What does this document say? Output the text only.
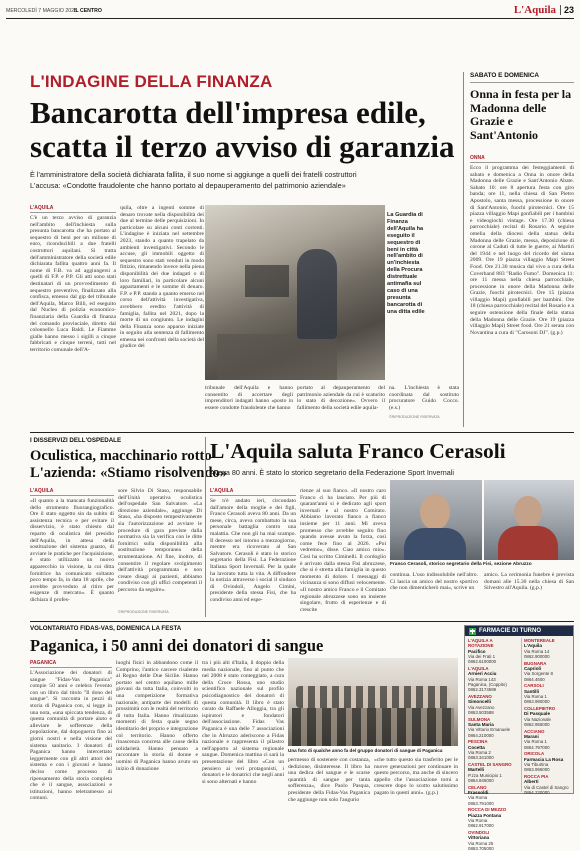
MERCOLEDÌ 7 MAGGIO 2025
IL CENTRO	L'Aquila 23
L'INDAGINE DELLA FINANZA
Bancarotta dell'impresa edile,
scatta il terzo avviso di garanzia
È l'amministratore della società dichiarata fallita, il suo nome si aggiunge a quelli dei fratelli costruttori
L'accusa: «Condotte fraudolente che hanno portato al depauperamento del patrimonio aziendale»
L'AQUILA
C'è un terzo avviso di garanzia nell'ambito dell'inchiesta sulla presunta bancarotta che ha portato al sequestro di beni per un milione di euro, riconducibili a due fratelli costruttori aquilani. Si tratta dell'amministratore della società edile dichiarata fallita quattro anni fa. Il nome di F.B. va ad aggiungersi a quelli di F.P. e P.P. Gli atti sono stati destinatari di un provvedimento di sequestro preventivo, finalizzato alla confisca, emesso dal gip del tribunale dell'Aquila, Marco Billi, ed eseguito dal Nucleo di polizia economico-finanziaria della Guardia di finanza del comando provinciale, diretto dal colonnello Luca Baldi. Le Fiamme gialle hanno messo i sigilli a cinque fabbricati e cinque terreni, tutti nel territorio comunale dell'A-
quila, oltre a ingenti somme di denaro trovate nella disponibilità dei due al termine delle perquisizioni. In particolare su alcuni conti correnti. L'indagine è iniziata nel settembre 2023, stando a quanto trapelato da ambienti investigativi. Secondo le accuse, gli immobili oggetto di sequestro sono stati venduti in modo fittizio, rimanendo invece nella piena disponibilità dei due indagati o di loro familiari, in particolare alcuni appartamenti e le somme di denaro. F.P. e P.P. stando a quanto emerso nel corso dell'attività investigativa, avrebbero eredito l'attività di famiglia, fallita nel 2021, dopo la morte di un congiunto. Le indagini della Finanza sono apparso iniziate in seguito alla sentenza di fallimento emessa nei confronti della società del giudice del
La Guardia di Finanza dell'Aquila ha eseguito il sequestro di beni in città nell'ambito di un'inchiesta della Procura distrettuale antimafia sul caso di una presunta bancarotta di una ditta edile
tribunale dell'Aquila e hanno consentito di accertare degli imprenditori indagati hanno «posto in essere condotte fraudolente che hanno
portato al depauperamento del patrimonio aziendale da cui è scaturito lo stato di decozione». Ovvero il fallimento della società edile aquila-
na. L'inchiesta è stata coordinata dal sostituto procuratore Guido Cocco. (e.s.)
©RIPRODUZIONE RISERVATA
SABATO E DOMENICA
Onna in festa per la Madonna delle Grazie e Sant'Antonio
ONNA
Ecco il programma dei festeggiamenti di sabato e domenica a Onna in onore della Madonna delle Grazie e Sant'Antonio Abate. Sabato 10: ore 8 apertura festa con giro banda; ore 11, nella chiesa di San Pietro Apostolo, santa messa, processione in onore di Sant'Antonio, fuochi pirotecnici. Ore 15 piazza villaggio Mapi gonfiabili per i bambini e videogiochi vintage. Ore 17.30 (chiesa parrocchiale) recital di Rosario. A seguire omelia della diocesi della statua della Madonna delle Grazie, messa, deposizione di corone al Caduti di tutte le guerre, ai Martiri del 1944 e nel luogo del ricordo del sisma 2009. Ore 19 piazza villaggio Mapi Street Food. Ore 21.30 musica dal vivo a cura della Coverband 883 "Radio Fumo". Domenica 11: ore 11 messa nella chiesa parrocchiale, processione in onore della Madonna delle Grazie, fuochi pirotecnici. Ore 15 (piazza villaggio Mapi) gonfiabili per bambini. Ore 18 (chiesa parrocchiale) recital del Rosario e a seguire ostensione della finale della statua della Madonna delle Grazie. Ore 19 (piazza villaggio Mapi) Street food. Ore 21 serata con Novantina a cura di "Carosoni DJ". (g.p.)
I DISSERVIZI DELL'OSPEDALE
Oculistica, macchinario rotto
L'azienda: «Stiamo risolvendo»
L'AQUILA
«Il quanto a la mancata funzionalità dello strumento fluorangiografico. Ore il stato oggetto sin da subito di assistenza tecnica e per evitare il disservizio, è stato chiesto dal reparto di oculistica del presidio dell'Aquila, in attesa della sostituzione del sistema guasto, di avviare le pratiche per l'acquisizione, è stato utilizzato un nuovo apparecchio in visione, la cui ditta fornitrice ha comunicato soltanto poco tempo fa, in data 18 aprile, che avrebbe provveduto al ritiro per esigenze di mercato». È quanto dichiara il profes-
sore Silvio Di Staso, responsabile dell'Unità operativa oculistica dell'ospedale San Salvatore. «La direzione aziendale», aggiunge Di Staso, «ha disposto tempestivamente sia l'autorizzazione ad avviare le procedure di gara previste dalla normativa sia la verifica con le ditte fornitrici sulla disponibilità alla sostituzione temporanea della strumentazione. Al fine, inoltre, di consentire il regolare svolgimento dell'attività programmata e non creare disagi ai pazienti, abbiamo condiviso con gli uffici competenti il percorso da seguire».
©RIPRODUZIONE RISERVATA
L'Aquila saluta Franco Cerasoli
Aveva 80 anni. È stato lo storico segretario della Federazione Sport Invernali
L'AQUILA
Se n'è andato ieri, circondato dall'amore della moglie e dei figli, Franco Cerasoli aveva 80 anni. Da un mese, circa, aveva combattuto la sua personale battaglia contro una malattia. Che non gli ha mai scampo. Il decesso nel intorno a mezzogiorno, mentre era ricoverato al San Salvatore. Cerasoli è stato lo storico segretario della Fisi. La Federazione Italiana Sport Invernali. Per la quale ha lavorato tutta la vita. A diffondere la notizia attraverso i social il sindaco di Ovindoli, Angelo Cimini, presidente della stessa Fisi, che ha condiviso anni ed espe-
rienze al suo fianco. «Il nostro caro Franco ci ha lasciato. Per più di quarant'anni si è dedicato agli sport invernali e al nostro Comitato. Abbiamo lavorato fianco a fianco insieme per 11 anni. Mi aveva promesso che avrebbe seguito fino quando avesse avuto la forza, così come fece fino al 2026. «Poi vedremo», disse. Ciao amico mio». Così ha scritto Ciminelli. Il cordoglio è arrivato dalla stessa Fisi abruzzese, che si è stretta alla famiglia in questo momento di dolore. I messaggi di vicinanza si sono diffusi velocemente. «Il nostro amico Franco e il Comitato regionale abruzzese sono un insieme singolare, frutto di esperienze e di crescite
Franco Cerasoli, storico segretario della Fisi, sezione Abruzzo
continua. L'uso indissolubile nell'altro. Ci lascia un amico del nostro sportivo che non dimenticherò mai», scrive un
amico. La cerimonia funebre è prevista domani alle 15.30 nella chiesa di San Silvestro all'Aquila. (g.p.)
VOLONTARIATO FIDAS-VAS, DOMENICA LA FESTA
Paganica, i 50 anni dei donatori di sangue
PAGANICA
L'Associazione dei donatori di sangue "Fidas-Vas Paganica" compie 50 anni e celebra l'evento con un libro dal titolo "Il dono del sangue". Si racconta in pezzi di storia di Paganica con, si legge in una nota, «una spiccata tendenza, di questa comunità di portare aiuto e alleviare le sofferenze della popolazione, dal dopoguerra fino ai giorni nostri e nella visione del sistema sanitario. I donatori di Paganica hanno intercettato leggermente con gli altri attori del sistema e con i giovani e hanno deciso come processo di ripensamento della storia completa che è il sangue, associazioni e istituzioni, hanno teletramesso ai comuni.
luoghi fisici in abbandono come il Comprino, l'antico carcere risalente al Regno delle Due Sicilie. Hanno portato nel centro aquilano mille giovani da tutta Italia, coinvolti in una competizione formativa nazionale, antiparte dei modelli di prossimità con le realtà del territorio di tutta Italia. Hanno ritualizzato momenti di festa quale segno identitario del proprio e integrazione col territorio. Hanno offerto rinascenza concreta alle cause della solidarietà. Hanno pensato a raccontare la storia di donne e uomini di Paganica hanno avuto un inizio di donazione
tra i più alti d'Italia, il doppio della media nazionale, fino al punto che nel 2008 è stato conteggiato, a cura della Croce Rossa, uno studio scientifico nazionale sul profilo psicodiagnostico dei donatori di questa comunità. Il libro è stato curato da Raffaele Alloggia, tra gli ispiratori e fondatori dell'associazione. Fidas Vas Paganica è una delle 7 associazioni che in Abruzzo aderiscono a Fidas nazionale e rappresenta il pilastro nell'apporto al sistema regionale sangue. Domenica mattina ci sarà la presentazione del libro «Con un pensiero ai veri protagonisti, i donatori e le donatrici che negli anni si sono alternati e hanno
Una foto di qualche anno fa del gruppo donatori di sangue di Paganica
permesso di sostenere con costanza, dedizione, disinteresse. Il libro ha una dedica del sangue e le scarse quantità di sangue per tanta sofferenza», dice Paolo Pasqua, presidente della Fidas-Vas Paganica che aggiunge non solo l'augurio
«che tutto questo sia trasferito per le nuove generazioni per continuare in questo percorso, ma anche di sincero appello che l'associazione torni a crescere dopo lo scotto salutissimo pagato in questi anni». (g.p.)
FARMACIE DI TURNO
L'AQUILA A ROTAZIONE
Pacifico
Via dei Frati 1
0862.6100000
L'AQUILA
Arnieri Acciu
Via Roma 143
Paganica, (Coppito)
0862.3174599
AVEZZANO
Simoncelli
Via Avezzano
0863.503588
SULMONA
Santa Maria
Via Vittorio Emanuele
0864.210000
PESCINA
Cocetta
Via Roma 2
0863.341000
CASTEL DI SANGRO
Martelli
P.zza Municipio 1
0864.845000
CELANO
Frassoldi
Via Roma
0863.791000
ROCCA DI MEZZO
Piazza Fontana
Via Roma
0862.917000
OVINDOLI
Vittoriana
Via Roma 25
0863.705000
MONTEREALE
L'Aquila
Via Roma 14
0862.900000
BUGNARA
Caprioli
Via Sorgente 8
0864.4600
CARSOLI
Santilli
Via Roma 1
0863.990000
COLLEPIETRO
Di Pasquale
Via Nazionale
0862.955000
ACCIANO
Marani
Via Roma 1
0864.797000
ORICOLA
Farmacia La Rosa
Via Tiburtina
0863.996000
ROCCA PIA
Alberti
Via di Castel di Sangro
0864.230000
